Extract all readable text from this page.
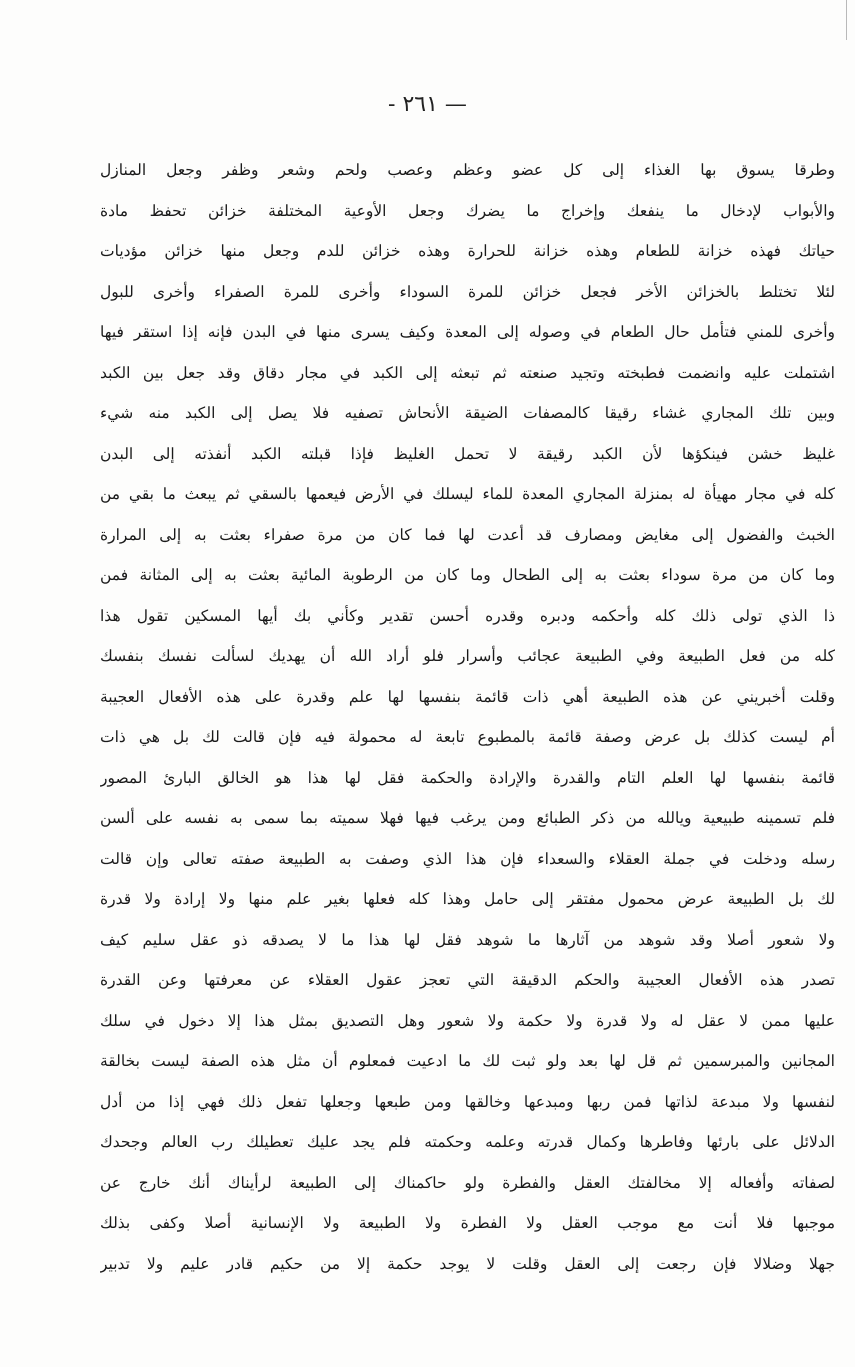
— ٢٦١ -
وطرقا يسوق بها الغذاء إلى كل عضو وعظم وعصب ولحم وشعر وظفر وجعل المنازل
والأبواب لإدخال ما ينفعك وإخراج ما يضرك وجعل الأوعية المختلفة خزائن تحفظ مادة
حياتك فهذه خزانة للطعام وهذه خزانة للحرارة وهذه خزائن للدم وجعل منها خزائن مؤديات
لئلا تختلط بالخزائن الأخر فجعل خزائن للمرة السوداء وأخرى للمرة الصفراء وأخرى للبول
وأخرى للمني فتأمل حال الطعام في وصوله إلى المعدة وكيف يسرى منها في البدن فإنه إذا استقر فيها
اشتملت عليه وانضمت فطبخته وتجيد صنعته ثم تبعثه إلى الكبد في مجار دقاق وقد جعل بين الكبد
وبين تلك المجاري غشاء رقيقا كالمصفات الضيقة الأنحاش تصفيه فلا يصل إلى الكبد منه شيء
غليظ خشن فينكؤها لأن الكبد رقيقة لا تحمل الغليظ فإذا قبلته الكبد أنفذته إلى البدن
كله في مجار مهيأة له بمنزلة المجاري المعدة للماء ليسلك في الأرض فيعمها بالسقي ثم يبعث ما بقي من
الخبث والفضول إلى مغايض ومصارف قد أعدت لها فما كان من مرة صفراء بعثت به إلى المرارة
وما كان من مرة سوداء بعثت به إلى الطحال وما كان من الرطوبة المائية بعثت به إلى المثانة فمن
ذا الذي تولى ذلك كله وأحكمه ودبره وقدره أحسن تقدير وكأني بك أيها المسكين تقول هذا
كله من فعل الطبيعة وفي الطبيعة عجائب وأسرار فلو أراد الله أن يهديك لسألت نفسك بنفسك
وقلت أخبريني عن هذه الطبيعة أهي ذات قائمة بنفسها لها علم وقدرة على هذه الأفعال العجيبة
أم ليست كذلك بل عرض وصفة قائمة بالمطبوع تابعة له محمولة فيه فإن قالت لك بل هي ذات
قائمة بنفسها لها العلم التام والقدرة والإرادة والحكمة فقل لها هذا هو الخالق البارئ المصور
فلم تسمينه طبيعية ويالله من ذكر الطبائع ومن يرغب فيها فهلا سميته بما سمى به نفسه على ألسن
رسله ودخلت في جملة العقلاء والسعداء فإن هذا الذي وصفت به الطبيعة صفته تعالى وإن قالت
لك بل الطبيعة عرض محمول مفتقر إلى حامل وهذا كله فعلها بغير علم منها ولا إرادة ولا قدرة
ولا شعور أصلا وقد شوهد من آثارها ما شوهد فقل لها هذا ما لا يصدقه ذو عقل سليم كيف
تصدر هذه الأفعال العجيبة والحكم الدقيقة التي تعجز عقول العقلاء عن معرفتها وعن القدرة
عليها ممن لا عقل له ولا قدرة ولا حكمة ولا شعور وهل التصديق بمثل هذا إلا دخول في سلك
المجانين والمبرسمين ثم قل لها بعد ولو ثبت لك ما ادعيت فمعلوم أن مثل هذه الصفة ليست بخالقة
لنفسها ولا مبدعة لذاتها فمن ربها ومبدعها وخالقها ومن طبعها وجعلها تفعل ذلك فهي إذا من أدل
الدلائل على بارئها وفاطرها وكمال قدرته وعلمه وحكمته فلم يجد عليك تعطيلك رب العالم وجحدك
لصفاته وأفعاله إلا مخالفتك العقل والفطرة ولو حاكمناك إلى الطبيعة لرأيناك أنك خارج عن
موجبها فلا أنت مع موجب العقل ولا الفطرة ولا الطبيعة ولا الإنسانية أصلا وكفى بذلك
جهلا وضلالا فإن رجعت إلى العقل وقلت لا يوجد حكمة إلا من حكيم قادر عليم ولا تدبير
